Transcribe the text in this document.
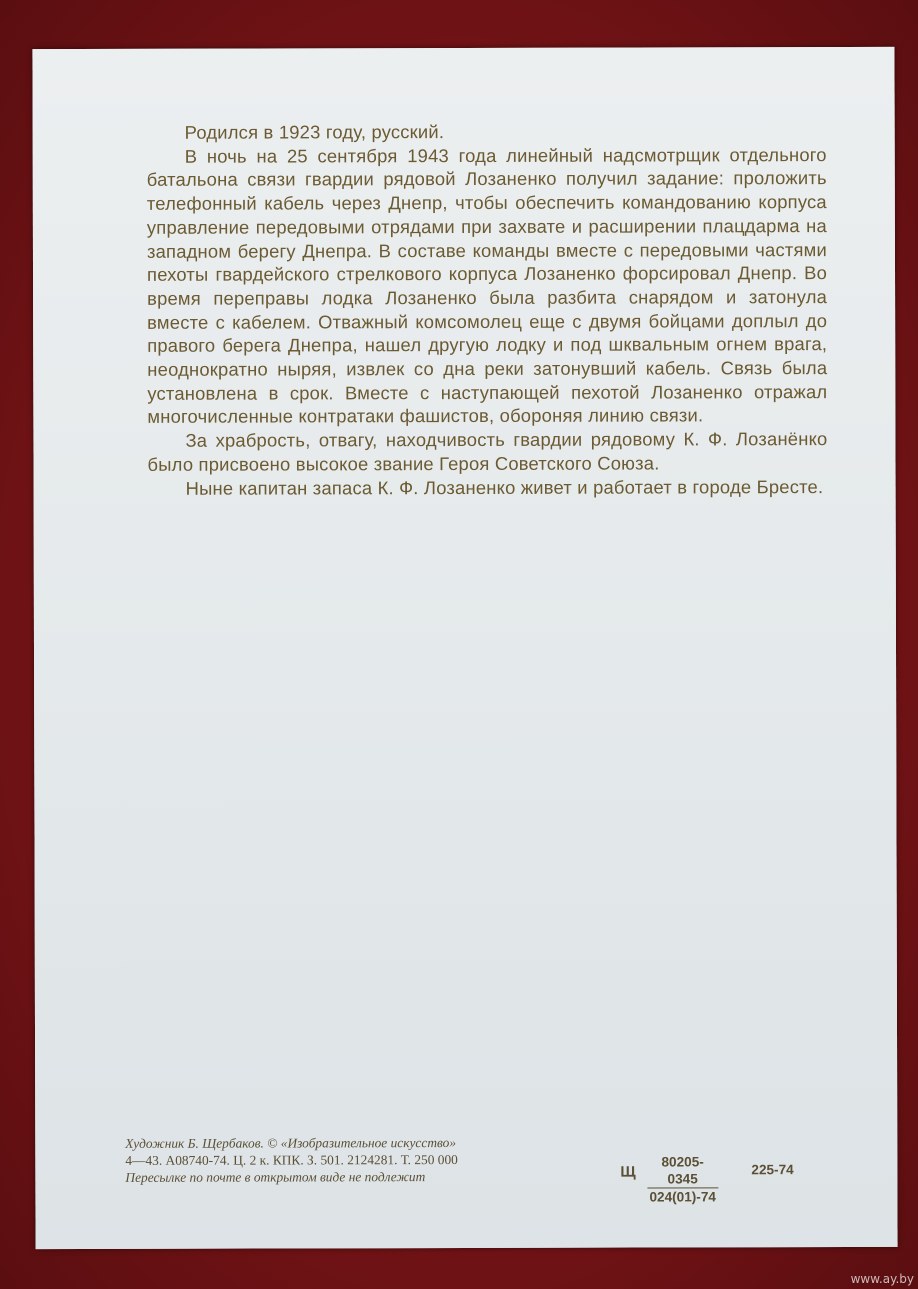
Родился в 1923 году, русский.

В ночь на 25 сентября 1943 года линейный надсмотрщик отдельного батальона связи гвардии рядовой Лозаненко получил задание: проложить телефонный кабель через Днепр, чтобы обеспечить командованию корпуса управление передовыми отрядами при захвате и расширении плацдарма на западном берегу Днепра. В составе команды вместе с передовыми частями пехоты гвардейского стрелкового корпуса Лозаненко форсировал Днепр. Во время переправы лодка Лозаненко была разбита снарядом и затонула вместе с кабелем. Отважный комсомолец еще с двумя бойцами доплыл до правого берега Днепра, нашел другую лодку и под шквальным огнем врага, неоднократно ныряя, извлек со дна реки затонувший кабель. Связь была установлена в срок. Вместе с наступающей пехотой Лозаненко отражал многочисленные контратаки фашистов, обороняя линию связи.

За храбрость, отвагу, находчивость гвардии рядовому К. Ф. Лозанёнко было присвоено высокое звание Героя Советского Союза.

Ныне капитан запаса К. Ф. Лозаненко живет и работает в городе Бресте.

Художник Б. Щербаков. © «Изобразительное искусство»
4—43. А08740-74. Ц. 2 к. КПК. З. 501. 2124281. Т. 250 000
Пересылке по почте в открытом виде не подлежит	Щ $\frac{80205-0345}{024(01)-74} 225-74$
www.ay.by
